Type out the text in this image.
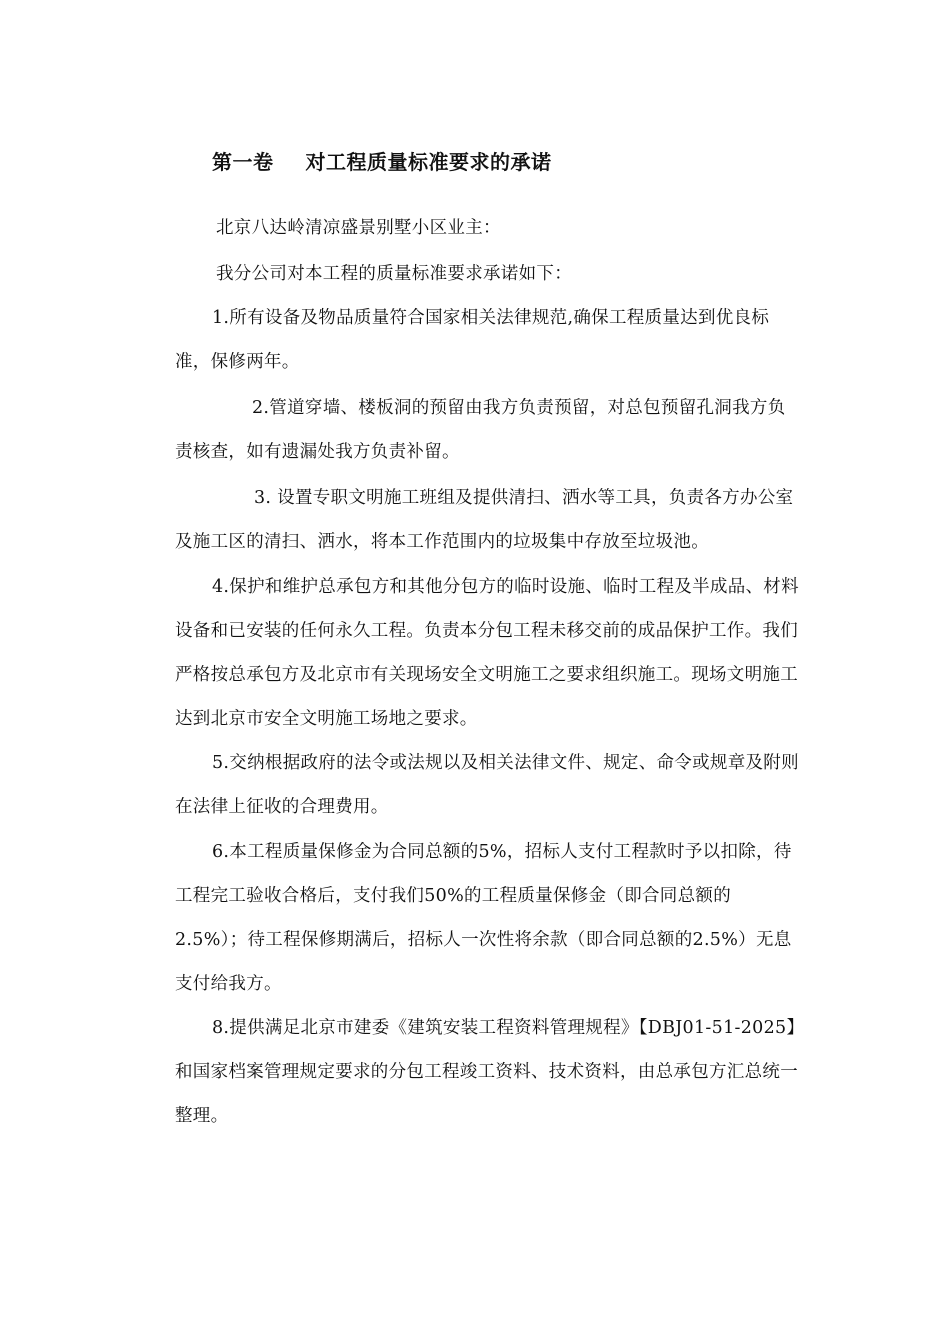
第一卷 对工程质量标准要求的承诺
北京八达岭清凉盛景别墅小区业主：
我分公司对本工程的质量标准要求承诺如下：
1.所有设备及物品质量符合国家相关法律规范,确保工程质量达到优良标
准，保修两年。
2.管道穿墙、楼板洞的预留由我方负责预留，对总包预留孔洞我方负
责核查，如有遗漏处我方负责补留。
3. 设置专职文明施工班组及提供清扫、洒水等工具，负责各方办公室
及施工区的清扫、洒水，将本工作范围内的垃圾集中存放至垃圾池。
4.保护和维护总承包方和其他分包方的临时设施、临时工程及半成品、材料
设备和已安装的任何永久工程。负责本分包工程未移交前的成品保护工作。我们
严格按总承包方及北京市有关现场安全文明施工之要求组织施工。现场文明施工
达到北京市安全文明施工场地之要求。
5.交纳根据政府的法令或法规以及相关法律文件、规定、命令或规章及附则
在法律上征收的合理费用。
6.本工程质量保修金为合同总额的5%，招标人支付工程款时予以扣除，待
工程完工验收合格后，支付我们50%的工程质量保修金（即合同总额的
2.5%）；待工程保修期满后，招标人一次性将余款（即合同总额的2.5%）无息
支付给我方。
8.提供满足北京市建委《建筑安装工程资料管理规程》【DBJ01-51-2025】
和国家档案管理规定要求的分包工程竣工资料、技术资料，由总承包方汇总统一
整理。
